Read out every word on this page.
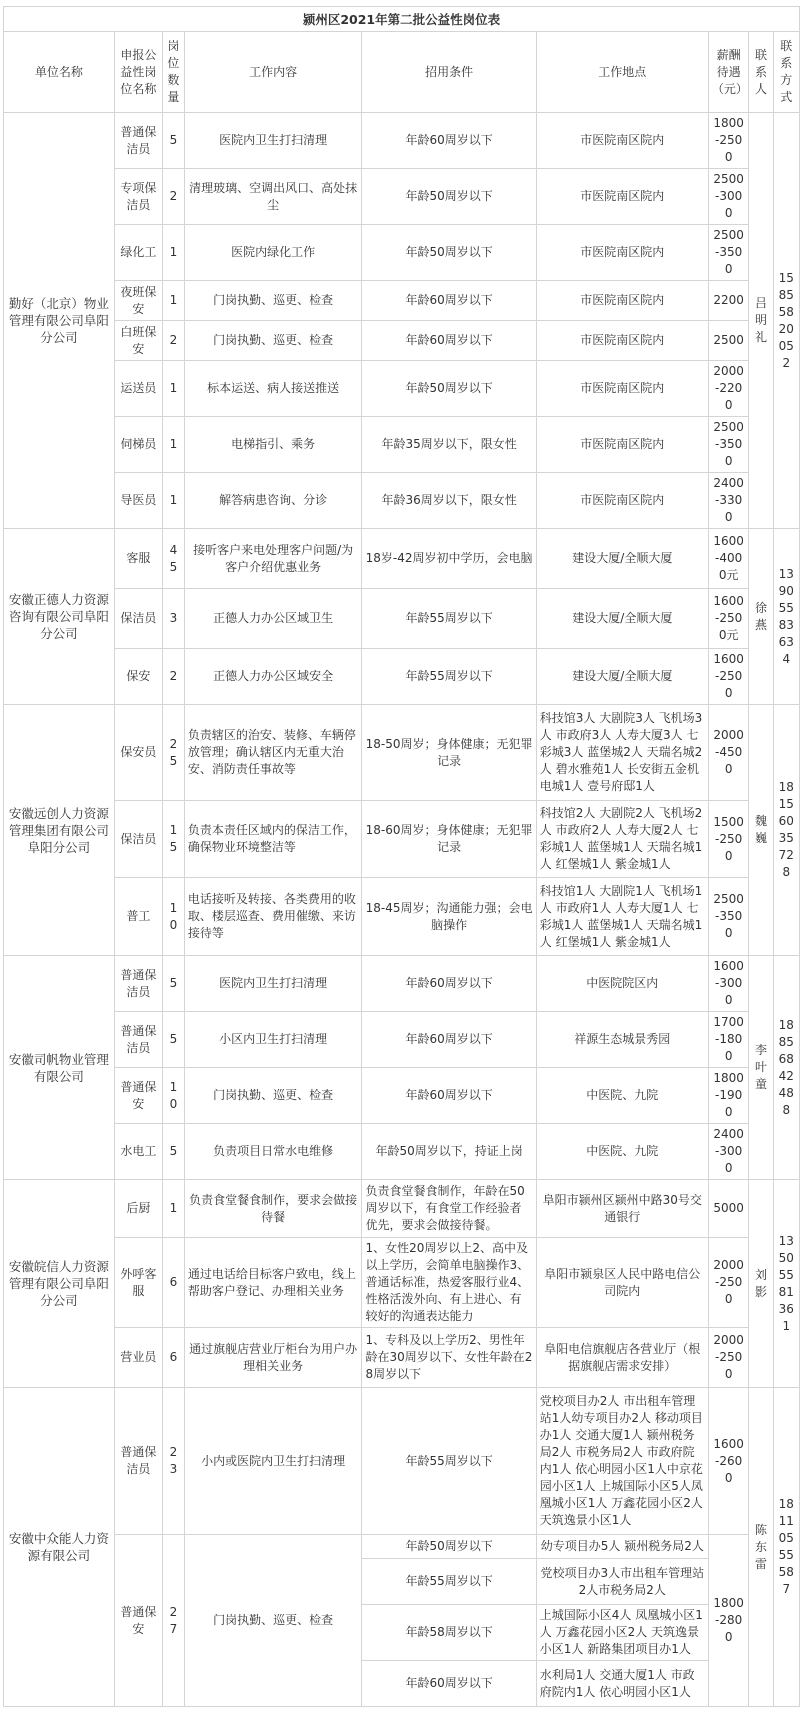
颍州区2021年第二批公益性岗位表								
单位名称	申报公益性岗位名称	岗位数量	工作内容	招用条件	工作地点	薪酬待遇（元）	联系人	联系方式
勤好（北京）物业管理有限公司阜阳分公司	普通保洁员	5	医院内卫生打扫清理	年龄60周岁以下	市医院南区院内	1800-2500	吕明礼	15855820052
	专项保洁员	2	清理玻璃、空调出风口、高处抹尘	年龄50周岁以下	市医院南区院内	2500-3000		
	绿化工	1	医院内绿化工作	年龄50周岁以下	市医院南区院内	2500-3500		
	夜班保安	1	门岗执勤、巡更、检查	年龄60周岁以下	市医院南区院内	2200		
	白班保安	2	门岗执勤、巡更、检查	年龄60周岁以下	市医院南区院内	2500		
	运送员	1	标本运送、病人接送推送	年龄50周岁以下	市医院南区院内	2000-2200		
	伺梯员	1	电梯指引、乘务	年龄35周岁以下，限女性	市医院南区院内	2500-3500		
	导医员	1	解答病患咨询、分诊	年龄36周岁以下，限女性	市医院南区院内	2400-3300		
安徽正德人力资源咨询有限公司阜阳分公司	客服	45	接听客户来电处理客户问题/为客户介绍优惠业务	18岁-42周岁初中学历，会电脑	建设大厦/全顺大厦	1600-4000元	徐燕	13905583634
	保洁员	3	正德人力办公区域卫生	年龄55周岁以下	建设大厦/全顺大厦	1600-2500元		
	保安	2	正德人力办公区域安全	年龄55周岁以下	建设大厦/全顺大厦	1600-2500		
安徽远创人力资源管理集团有限公司阜阳分公司	保安员	25	负责辖区的治安、装修、车辆停放管理；确认辖区内无重大治安、消防责任事故等	18-50周岁；身体健康；无犯罪记录	科技馆3人 大剧院3人 飞机场3人 市政府3人 人寿大厦3人 七彩城3人 蓝堡城2人 天瑞名城2人 碧水雅苑1人 长安街五金机电城1人 壹号府邸1人	2000-4500	魏巍	18156035728
	保洁员	15	负责本责任区域内的保洁工作，确保物业环境整洁等	18-60周岁；身体健康；无犯罪记录	科技馆2人 大剧院2人 飞机场2人 市政府2人 人寿大厦2人 七彩城1人 蓝堡城1人 天瑞名城1人 红堡城1人 紫金城1人	1500-2500		
	普工	10	电话接听及转接、各类费用的收取、楼层巡查、费用催缴、来访接待等	18-45周岁；沟通能力强；会电脑操作	科技馆1人 大剧院1人 飞机场1人 市政府1人 人寿大厦1人 七彩城1人 蓝堡城1人 天瑞名城1人 红堡城1人 紫金城1人	2500-3500		
安徽司帆物业管理有限公司	普通保洁员	5	医院内卫生打扫清理	年龄60周岁以下	中医院院区内	1600-3000	李叶童	18856842488
	普通保洁员	5	小区内卫生打扫清理	年龄60周岁以下	祥源生态城景秀园	1700-1800		
	普通保安	10	门岗执勤、巡更、检查	年龄60周岁以下	中医院、九院	1800-1900		
	水电工	5	负责项目日常水电维修	年龄50周岁以下，持证上岗	中医院、九院	2400-3000		
安徽皖信人力资源管理有限公司阜阳分公司	后厨	1	负责食堂餐食制作，要求会做接待餐	负责食堂餐食制作，年龄在50周岁以下，有食堂工作经验者优先，要求会做接待餐。	阜阳市颍州区颍州中路30号交通银行	5000	刘影	13505581361
	外呼客服	6	通过电话给目标客户致电，线上帮助客户登记、办理相关业务	1、女性20周岁以上2、高中及以上学历，会简单电脑操作3、普通话标准，热爱客服行业4、性格活泼外向、有上进心、有较好的沟通表达能力	阜阳市颍泉区人民中路电信公司院内	2000-2500		
	营业员	6	通过旗舰店营业厅柜台为用户办理相关业务	1、专科及以上学历2、男性年龄在30周岁以下、女性年龄在28周岁以下	阜阳电信旗舰店各营业厅（根据旗舰店需求安排）	2000-2500		
安徽中众能人力资源有限公司	普通保洁员	23	小内或医院内卫生打扫清理	年龄55周岁以下	党校项目办2人 市出租车管理站1人幼专项目办2人 移动项目办1人 交通大厦1人 颍州税务局2人 市税务局2人 市政府院内1人 依心明园小区1人中京花园小区1人 上城国际小区5人凤凰城小区1人 万鑫花园小区2人 天筑逸景小区1人	1600-2600	陈东雷	18110555587
	普通保安	27	门岗执勤、巡更、检查	年龄50周岁以下	幼专项目办5人 颍州税务局2人	1800-2800		
				年龄55周岁以下	党校项目办3人市出租车管理站2人市税务局2人			
				年龄58周岁以下	上城国际小区4人 凤凰城小区1人 万鑫花园小区2人 天筑逸景小区1人 新路集团项目办1人			
				年龄60周岁以下	水利局1人 交通大厦1人 市政府院内1人 依心明园小区1人			
